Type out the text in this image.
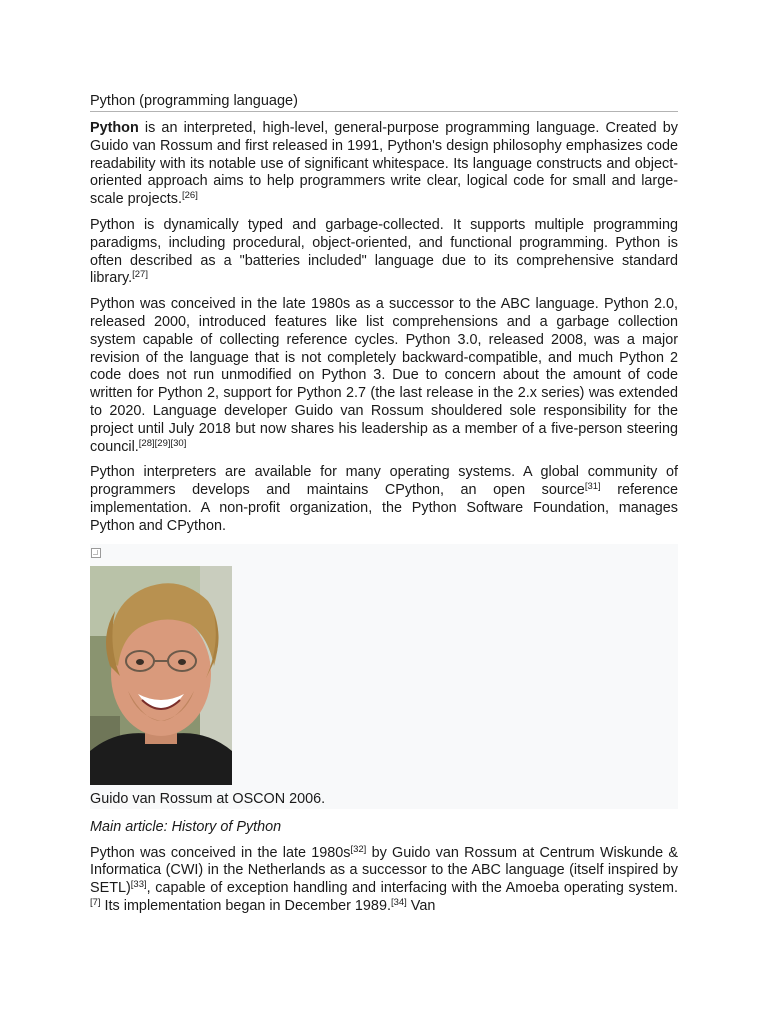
Python (programming language)

Python is an interpreted, high-level, general-purpose programming language. Created by Guido van Rossum and first released in 1991, Python's design philosophy emphasizes code readability with its notable use of significant whitespace. Its language constructs and object-oriented approach aims to help programmers write clear, logical code for small and large-scale projects.[26]

Python is dynamically typed and garbage-collected. It supports multiple programming paradigms, including procedural, object-oriented, and functional programming. Python is often described as a "batteries included" language due to its comprehensive standard library.[27]

Python was conceived in the late 1980s as a successor to the ABC language. Python 2.0, released 2000, introduced features like list comprehensions and a garbage collection system capable of collecting reference cycles. Python 3.0, released 2008, was a major revision of the language that is not completely backward-compatible, and much Python 2 code does not run unmodified on Python 3. Due to concern about the amount of code written for Python 2, support for Python 2.7 (the last release in the 2.x series) was extended to 2020. Language developer Guido van Rossum shouldered sole responsibility for the project until July 2018 but now shares his leadership as a member of a five-person steering council.[28][29][30]

Python interpreters are available for many operating systems. A global community of programmers develops and maintains CPython, an open source[31] reference implementation. A non-profit organization, the Python Software Foundation, manages Python and CPython.

Guido van Rossum at OSCON 2006.
Main article: History of Python

Python was conceived in the late 1980s[32] by Guido van Rossum at Centrum Wiskunde & Informatica (CWI) in the Netherlands as a successor to the ABC language (itself inspired by SETL)[33], capable of exception handling and interfacing with the Amoeba operating system.[7] Its implementation began in December 1989.[34] Van
